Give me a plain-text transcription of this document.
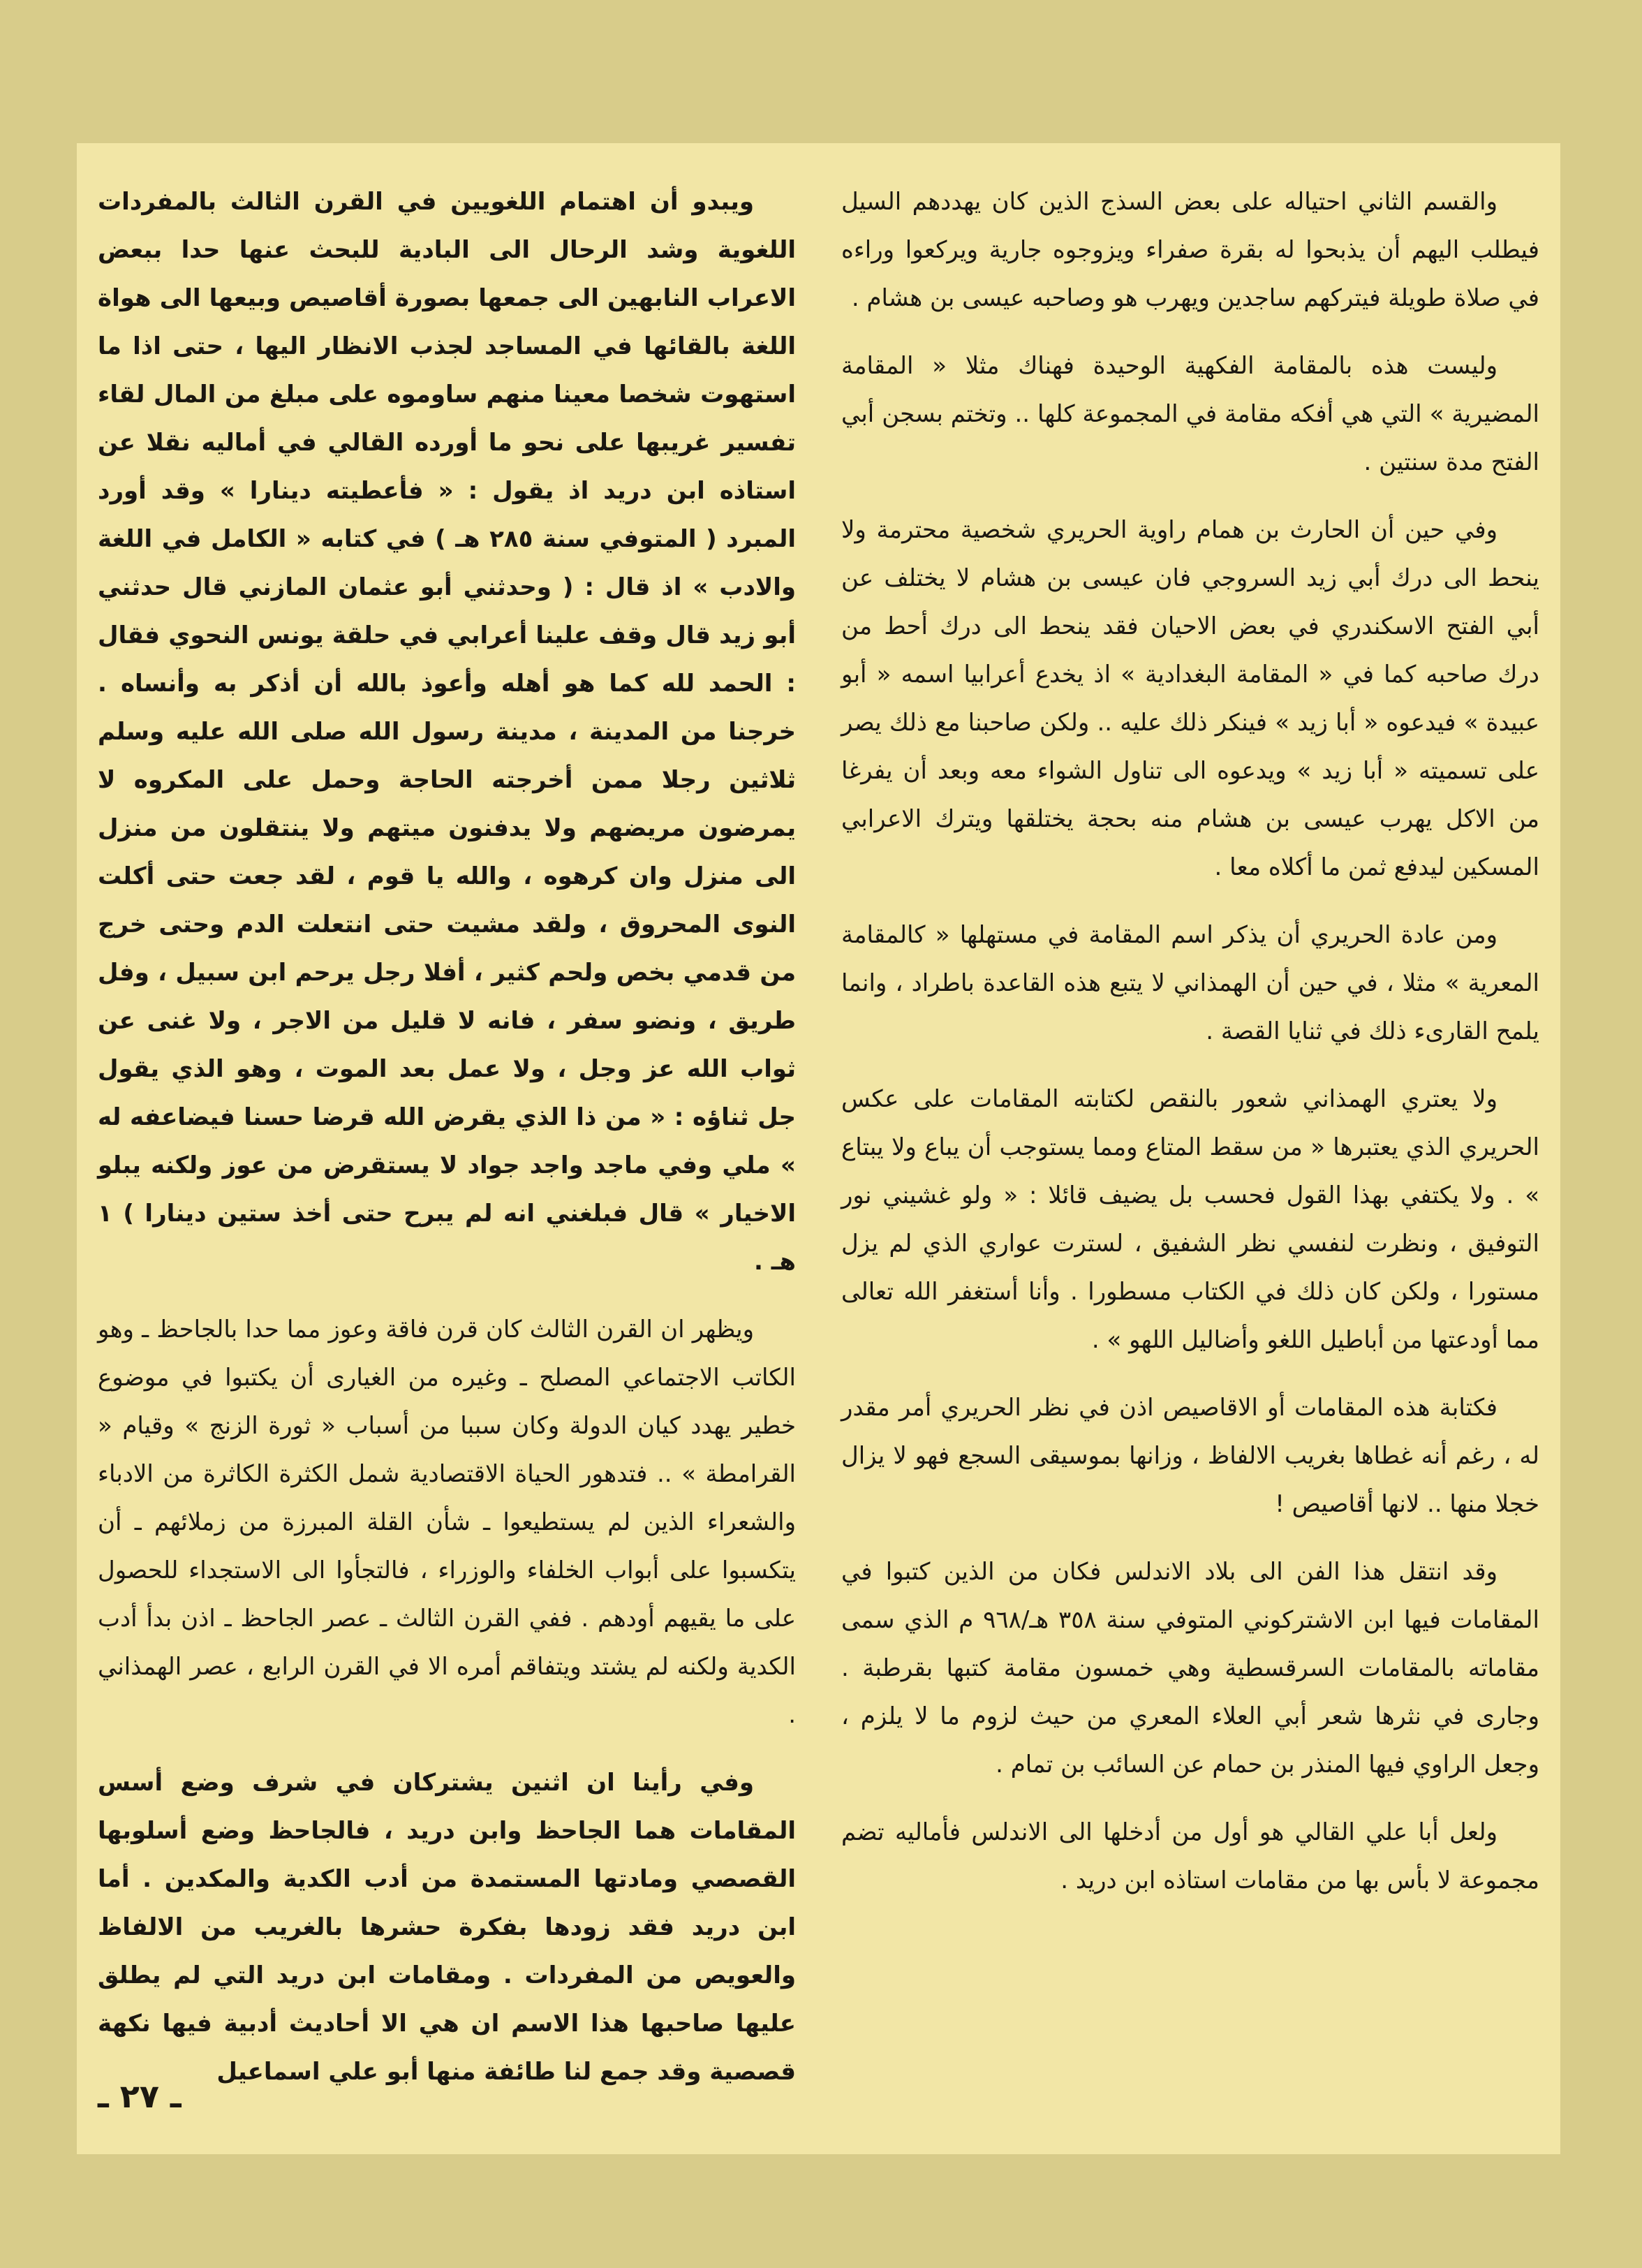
والقسم الثاني احتياله على بعض السذج الذين كان يهددهم السيل فيطلب اليهم أن يذبحوا له بقرة صفراء ويزوجوه جارية ويركعوا وراءه في صلاة طويلة فيتركهم ساجدين ويهرب هو وصاحبه عيسى بن هشام .

وليست هذه بالمقامة الفكهية الوحيدة فهناك مثلا « المقامة المضيرية » التي هي أفكه مقامة في المجموعة كلها .. وتختم بسجن أبي الفتح مدة سنتين .

وفي حين أن الحارث بن همام راوية الحريري شخصية محترمة ولا ينحط الى درك أبي زيد السروجي فان عيسى بن هشام لا يختلف عن أبي الفتح الاسكندري في بعض الاحيان فقد ينحط الى درك أحط من درك صاحبه كما في « المقامة البغدادية » اذ يخدع أعرابيا اسمه « أبو عبيدة » فيدعوه « أبا زيد » فينكر ذلك عليه .. ولكن صاحبنا مع ذلك يصر على تسميته « أبا زيد » ويدعوه الى تناول الشواء معه وبعد أن يفرغا من الاكل يهرب عيسى بن هشام منه بحجة يختلقها ويترك الاعرابي المسكين ليدفع ثمن ما أكلاه معا .

ومن عادة الحريري أن يذكر اسم المقامة في مستهلها « كالمقامة المعرية » مثلا ، في حين أن الهمذاني لا يتبع هذه القاعدة باطراد ، وانما يلمح القارىء ذلك في ثنايا القصة .

ولا يعتري الهمذاني شعور بالنقص لكتابته المقامات على عكس الحريري الذي يعتبرها « من سقط المتاع ومما يستوجب أن يباع ولا يبتاع » . ولا يكتفي بهذا القول فحسب بل يضيف قائلا : « ولو غشيني نور التوفيق ، ونظرت لنفسي نظر الشفيق ، لسترت عواري الذي لم يزل مستورا ، ولكن كان ذلك في الكتاب مسطورا . وأنا أستغفر الله تعالى مما أودعتها من أباطيل اللغو وأضاليل اللهو » .

فكتابة هذه المقامات أو الاقاصيص اذن في نظر الحريري أمر مقدر له ، رغم أنه غطاها بغريب الالفاظ ، وزانها بموسيقى السجع فهو لا يزال خجلا منها .. لانها أقاصيص !

وقد انتقل هذا الفن الى بلاد الاندلس فكان من الذين كتبوا في المقامات فيها ابن الاشتركوني المتوفي سنة ٣٥٨ هـ/٩٦٨ م الذي سمى مقاماته بالمقامات السرقسطية وهي خمسون مقامة كتبها بقرطبة . وجارى في نثرها شعر أبي العلاء المعري من حيث لزوم ما لا يلزم ، وجعل الراوي فيها المنذر بن حمام عن السائب بن تمام .

ولعل أبا علي القالي هو أول من أدخلها الى الاندلس فأماليه تضم مجموعة لا بأس بها من مقامات استاذه ابن دريد .

ويبدو أن اهتمام اللغويين في القرن الثالث بالمفردات اللغوية وشد الرحال الى البادية للبحث عنها حدا ببعض الاعراب النابهين الى جمعها بصورة أقاصيص وبيعها الى هواة اللغة بالقائها في المساجد لجذب الانظار اليها ، حتى اذا ما استهوت شخصا معينا منهم ساوموه على مبلغ من المال لقاء تفسير غريبها على نحو ما أورده القالي في أماليه نقلا عن استاذه ابن دريد اذ يقول : « فأعطيته دينارا » وقد أورد المبرد ( المتوفي سنة ٢٨٥ هـ ) في كتابه « الكامل في اللغة والادب » اذ قال : ( وحدثني أبو عثمان المازني قال حدثني أبو زيد قال وقف علينا أعرابي في حلقة يونس النحوي فقال : الحمد لله كما هو أهله وأعوذ بالله أن أذكر به وأنساه . خرجنا من المدينة ، مدينة رسول الله صلى الله عليه وسلم ثلاثين رجلا ممن أخرجته الحاجة وحمل على المكروه لا يمرضون مريضهم ولا يدفنون ميتهم ولا ينتقلون من منزل الى منزل وان كرهوه ، والله يا قوم ، لقد جعت حتى أكلت النوى المحروق ، ولقد مشيت حتى انتعلت الدم وحتى خرج من قدمي بخص ولحم كثير ، أفلا رجل يرحم ابن سبيل ، وفل طريق ، ونضو سفر ، فانه لا قليل من الاجر ، ولا غنى عن ثواب الله عز وجل ، ولا عمل بعد الموت ، وهو الذي يقول جل ثناؤه : « من ذا الذي يقرض الله قرضا حسنا فيضاعفه له » ملي وفي ماجد واجد جواد لا يستقرض من عوز ولكنه يبلو الاخيار » قال فبلغني انه لم يبرح حتى أخذ ستين دينارا ) ١ هـ .

ويظهر ان القرن الثالث كان قرن فاقة وعوز مما حدا بالجاحظ ـ وهو الكاتب الاجتماعي المصلح ـ وغيره من الغيارى أن يكتبوا في موضوع خطير يهدد كيان الدولة وكان سببا من أسباب « ثورة الزنج » وقيام « القرامطة » .. فتدهور الحياة الاقتصادية شمل الكثرة الكاثرة من الادباء والشعراء الذين لم يستطيعوا ـ شأن القلة المبرزة من زملائهم ـ أن يتكسبوا على أبواب الخلفاء والوزراء ، فالتجأوا الى الاستجداء للحصول على ما يقيهم أودهم . ففي القرن الثالث ـ عصر الجاحظ ـ اذن بدأ أدب الكدية ولكنه لم يشتد ويتفاقم أمره الا في القرن الرابع ، عصر الهمذاني .

وفي رأينا ان اثنين يشتركان في شرف وضع أسس المقامات هما الجاحظ وابن دريد ، فالجاحظ وضع أسلوبها القصصي ومادتها المستمدة من أدب الكدية والمكدين . أما ابن دريد فقد زودها بفكرة حشرها بالغريب من الالفاظ والعويص من المفردات . ومقامات ابن دريد التي لم يطلق عليها صاحبها هذا الاسم ان هي الا أحاديث أدبية فيها نكهة قصصية وقد جمع لنا طائفة منها أبو علي اسماعيل

ـ ٢٧ ـ
